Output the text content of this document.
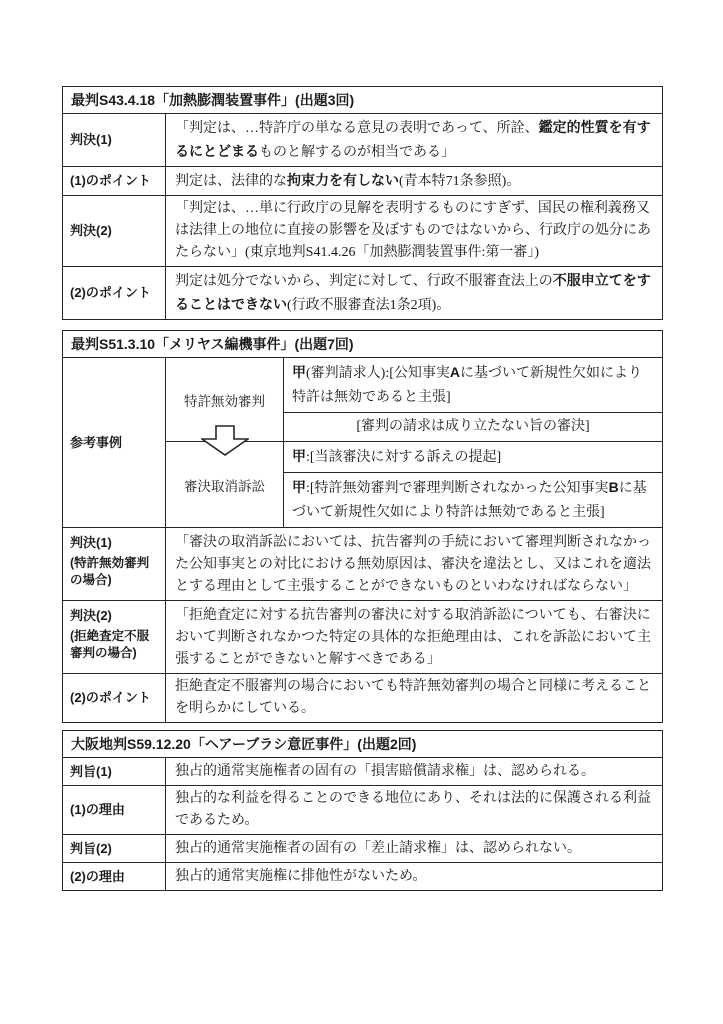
最判S43.4.18「加熱膨潤装置事件」(出題3回)	
判決(1)	「判定は、…特許庁の単なる意見の表明であって、所詮、鑑定的性質を有するにとどまるものと解するのが相当である」
(1)のポイント	判定は、法律的な拘束力を有しない(青本特71条参照)。
判決(2)	「判定は、…単に行政庁の見解を表明するものにすぎず、国民の権利義務又は法律上の地位に直接の影響を及ぼすものではないから、行政庁の処分にあたらない」(東京地判S41.4.26「加熱膨潤装置事件:第一審」)
(2)のポイント	判定は処分でないから、判定に対して、行政不服審査法上の不服申立てをすることはできない(行政不服審査法1条2項)。
最判S51.3.10「メリヤス編機事件」(出題7回)		
参考事例	特許無効審判	甲(審判請求人):[公知事実Aに基づいて新規性欠如により特許は無効であると主張]
		[審判の請求は成り立たない旨の審決]

審決取消訴訟	甲:[当該審決に対する訴えの提起]
		甲:[特許無効審判で審理判断されなかった公知事実Bに基づいて新規性欠如により特許は無効であると主張]

判決(1)
(特許無効審判の場合)	「審決の取消訴訟においては、抗告審判の手続において審理判断されなかった公知事実との対比における無効原因は、審決を違法とし、又はこれを適法とする理由として主張することができないものといわなければならない」	

判決(2)
(拒絶査定不服審判の場合)	「拒絶査定に対する抗告審判の審決に対する取消訴訟についても、右審決において判断されなかつた特定の具体的な拒絶理由は、これを訴訟において主張することができないと解すべきである」	
(2)のポイント	拒絶査定不服審判の場合においても特許無効審判の場合と同様に考えることを明らかにしている。	
大阪地判S59.12.20「ヘアーブラシ意匠事件」(出題2回)	
判旨(1)	独占的通常実施権者の固有の「損害賠償請求権」は、認められる。
(1)の理由	独占的な利益を得ることのできる地位にあり、それは法的に保護される利益であるため。
判旨(2)	独占的通常実施権者の固有の「差止請求権」は、認められない。
(2)の理由	独占的通常実施権に排他性がないため。
